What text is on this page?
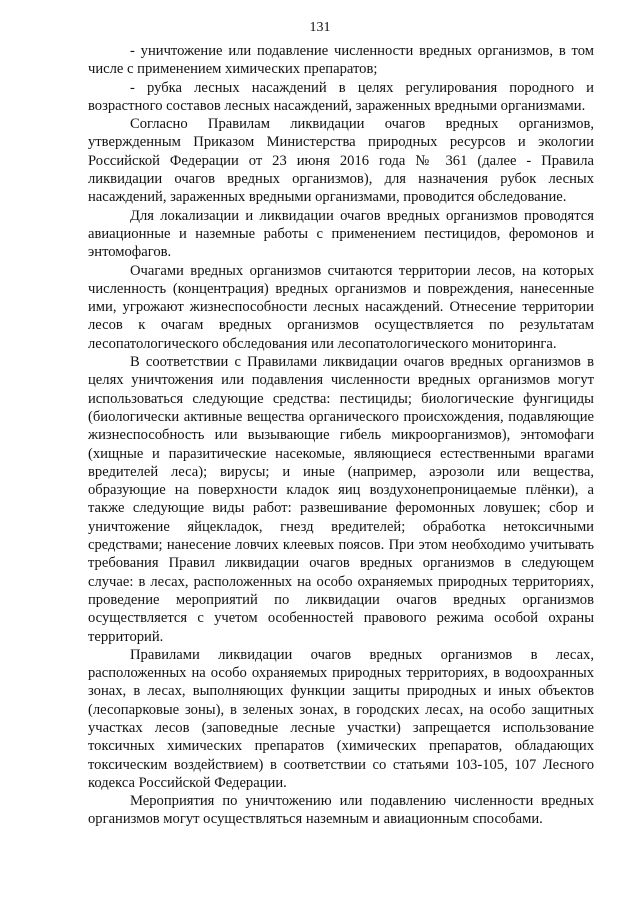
131

- уничтожение или подавление численности вредных организмов, в том числе с применением химических препаратов;

- рубка лесных насаждений в целях регулирования породного и возрастного составов лесных насаждений, зараженных вредными организмами.

Согласно Правилам ликвидации очагов вредных организмов, утвержденным Приказом Министерства природных ресурсов и экологии Российской Федерации от 23 июня 2016 года № 361 (далее - Правила ликвидации очагов вредных организмов), для назначения рубок лесных насаждений, зараженных вредными организмами, проводится обследование.

Для локализации и ликвидации очагов вредных организмов проводятся авиационные и наземные работы с применением пестицидов, феромонов и энтомофагов.

Очагами вредных организмов считаются территории лесов, на которых численность (концентрация) вредных организмов и повреждения, нанесенные ими, угрожают жизнеспособности лесных насаждений. Отнесение территории лесов к очагам вредных организмов осуществляется по результатам лесопатологического обследования или лесопатологического мониторинга.

В соответствии с Правилами ликвидации очагов вредных организмов в целях уничтожения или подавления численности вредных организмов могут использоваться следующие средства: пестициды; биологические фунгициды (биологически активные вещества органического происхождения, подавляющие жизнеспособность или вызывающие гибель микроорганизмов), энтомофаги (хищные и паразитические насекомые, являющиеся естественными врагами вредителей леса); вирусы; и иные (например, аэрозоли или вещества, образующие на поверхности кладок яиц воздухонепроницаемые плёнки), а также следующие виды работ: развешивание феромонных ловушек; сбор и уничтожение яйцекладок, гнезд вредителей; обработка нетоксичными средствами; нанесение ловчих клеевых поясов. При этом необходимо учитывать требования Правил ликвидации очагов вредных организмов в следующем случае: в лесах, расположенных на особо охраняемых природных территориях, проведение мероприятий по ликвидации очагов вредных организмов осуществляется с учетом особенностей правового режима особой охраны территорий.

Правилами ликвидации очагов вредных организмов в лесах, расположенных на особо охраняемых природных территориях, в водоохранных зонах, в лесах, выполняющих функции защиты природных и иных объектов (лесопарковые зоны), в зеленых зонах, в городских лесах, на особо защитных участках лесов (заповедные лесные участки) запрещается использование токсичных химических препаратов (химических препаратов, обладающих токсическим воздействием) в соответствии со статьями 103-105, 107 Лесного кодекса Российской Федерации.

Мероприятия по уничтожению или подавлению численности вредных организмов могут осуществляться наземным и авиационным способами.
